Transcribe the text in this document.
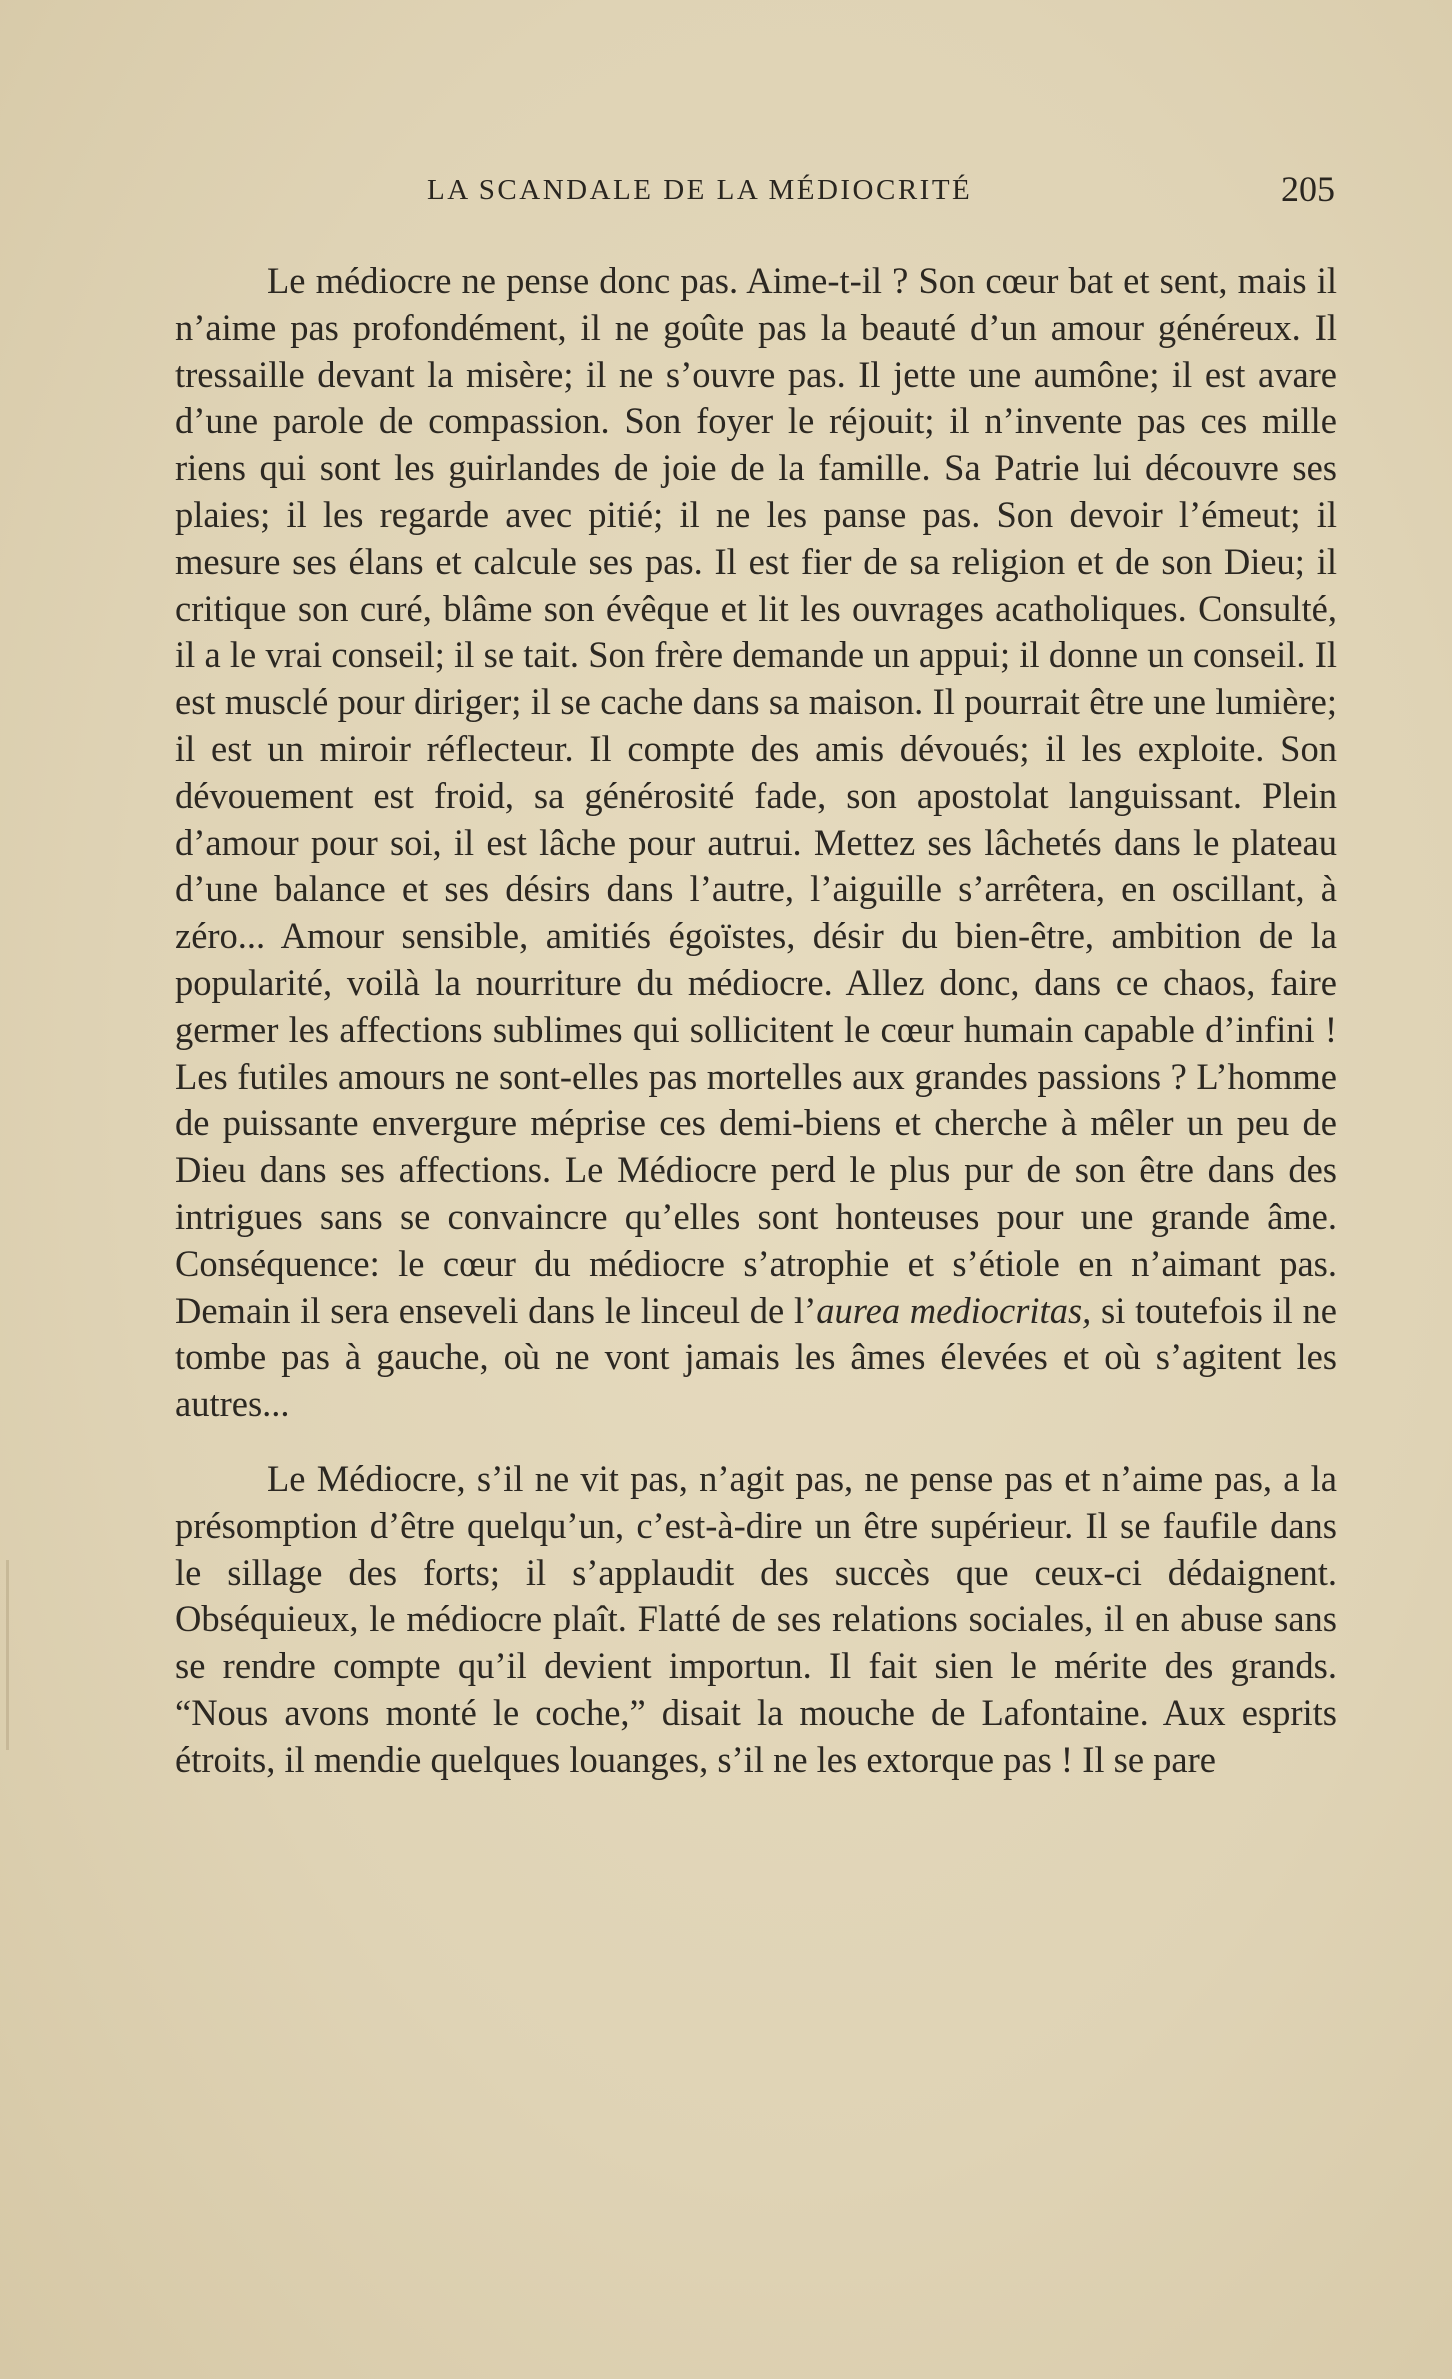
LA SCANDALE DE LA MÉDIOCRITÉ	205

Le médiocre ne pense donc pas. Aime-t-il ? Son cœur bat et sent, mais il n’aime pas profondément, il ne goûte pas la beauté d’un amour généreux. Il tressaille devant la misère; il ne s’ouvre pas. Il jette une aumône; il est avare d’une parole de compassion. Son foyer le réjouit; il n’invente pas ces mille riens qui sont les guirlandes de joie de la famille. Sa Patrie lui découvre ses plaies; il les regarde avec pitié; il ne les panse pas. Son devoir l’émeut; il mesure ses élans et calcule ses pas. Il est fier de sa religion et de son Dieu; il critique son curé, blâme son évêque et lit les ouvrages acatholiques. Consulté, il a le vrai conseil; il se tait. Son frère demande un appui; il donne un conseil. Il est musclé pour diriger; il se cache dans sa maison. Il pourrait être une lumière; il est un miroir réflecteur. Il compte des amis dévoués; il les exploite. Son dévouement est froid, sa générosité fade, son apostolat languissant. Plein d’amour pour soi, il est lâche pour autrui. Mettez ses lâchetés dans le plateau d’une balance et ses désirs dans l’autre, l’aiguille s’arrêtera, en oscillant, à zéro... Amour sensible, amitiés égoïstes, désir du bien-être, ambition de la popularité, voilà la nourriture du médiocre. Allez donc, dans ce chaos, faire germer les affections sublimes qui sollicitent le cœur humain capable d’infini ! Les futiles amours ne sont-elles pas mortelles aux grandes passions ? L’homme de puissante envergure méprise ces demi-biens et cherche à mêler un peu de Dieu dans ses affections. Le Médiocre perd le plus pur de son être dans des intrigues sans se convaincre qu’elles sont honteuses pour une grande âme. Conséquence: le cœur du médiocre s’atrophie et s’étiole en n’aimant pas. Demain il sera enseveli dans le linceul de l’aurea mediocritas, si toutefois il ne tombe pas à gauche, où ne vont jamais les âmes élevées et où s’agitent les autres...

Le Médiocre, s’il ne vit pas, n’agit pas, ne pense pas et n’aime pas, a la présomption d’être quelqu’un, c’est-à-dire un être supérieur. Il se faufile dans le sillage des forts; il s’applaudit des succès que ceux-ci dédaignent. Obséquieux, le médiocre plaît. Flatté de ses relations sociales, il en abuse sans se rendre compte qu’il devient importun. Il fait sien le mérite des grands. “Nous avons monté le coche,” disait la mouche de Lafontaine. Aux esprits étroits, il mendie quelques louanges, s’il ne les extorque pas ! Il se pare
